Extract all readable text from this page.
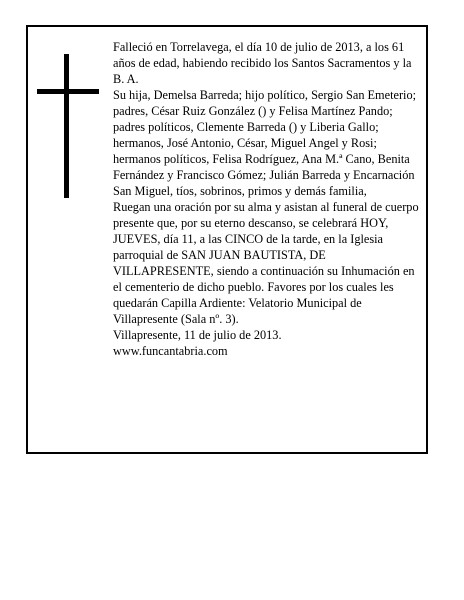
Falleció en Torrelavega, el día 10 de julio de 2013, a los 61 años de edad, habiendo recibido los Santos Sacramentos y la B. A.

Su hija, Demelsa Barreda; hijo político, Sergio San Emeterio; padres, César Ruiz González () y Felisa Martínez Pando; padres políticos, Clemente Barreda () y Liberia Gallo; hermanos, José Antonio, César, Miguel Angel y Rosi; hermanos políticos, Felisa Rodríguez, Ana M.ª Cano, Benita Fernández y Francisco Gómez; Julián Barreda y Encarnación San Miguel, tíos, sobrinos, primos y demás familia,

Ruegan una oración por su alma y asistan al funeral de cuerpo presente que, por su eterno descanso, se celebrará HOY, JUEVES, día 11, a las CINCO de la tarde, en la Iglesia parroquial de SAN JUAN BAUTISTA, DE VILLAPRESENTE, siendo a continuación su Inhumación en el cementerio de dicho pueblo. Favores por los cuales les quedarán Capilla Ardiente: Velatorio Municipal de Villapresente (Sala nº. 3).

Villapresente, 11 de julio de 2013.

www.funcantabria.com
